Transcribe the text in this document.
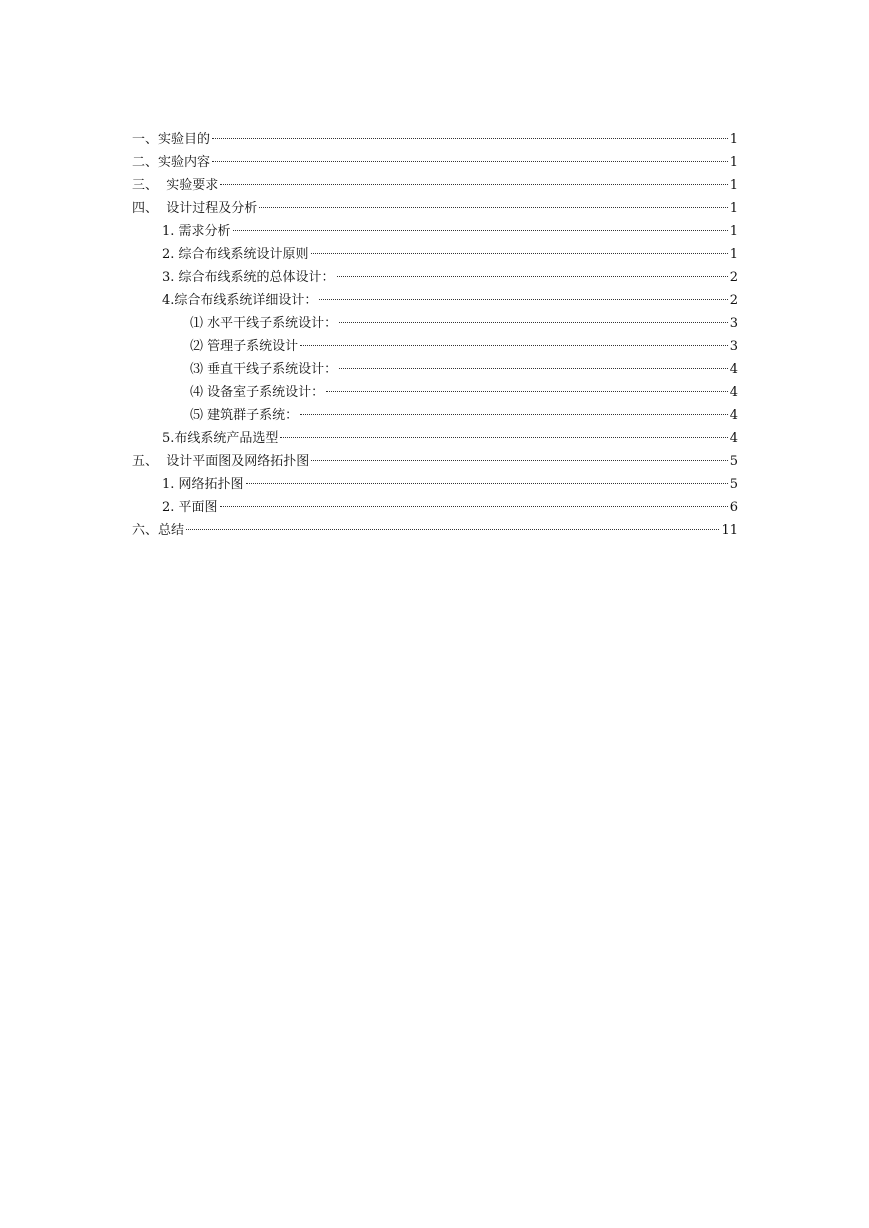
一、实验目的	1
二、实验内容	1
三、  实验要求	1
四、  设计过程及分析	1
1. 需求分析	1
2. 综合布线系统设计原则	1
3. 综合布线系统的总体设计：	2
4.综合布线系统详细设计：	2
⑴ 水平干线子系统设计：	3
⑵ 管理子系统设计	3
⑶ 垂直干线子系统设计：	4
⑷ 设备室子系统设计：	4
⑸ 建筑群子系统：	4
5.布线系统产品选型	4
五、  设计平面图及网络拓扑图	5
1. 网络拓扑图	5
2. 平面图	6
六、总结	11
